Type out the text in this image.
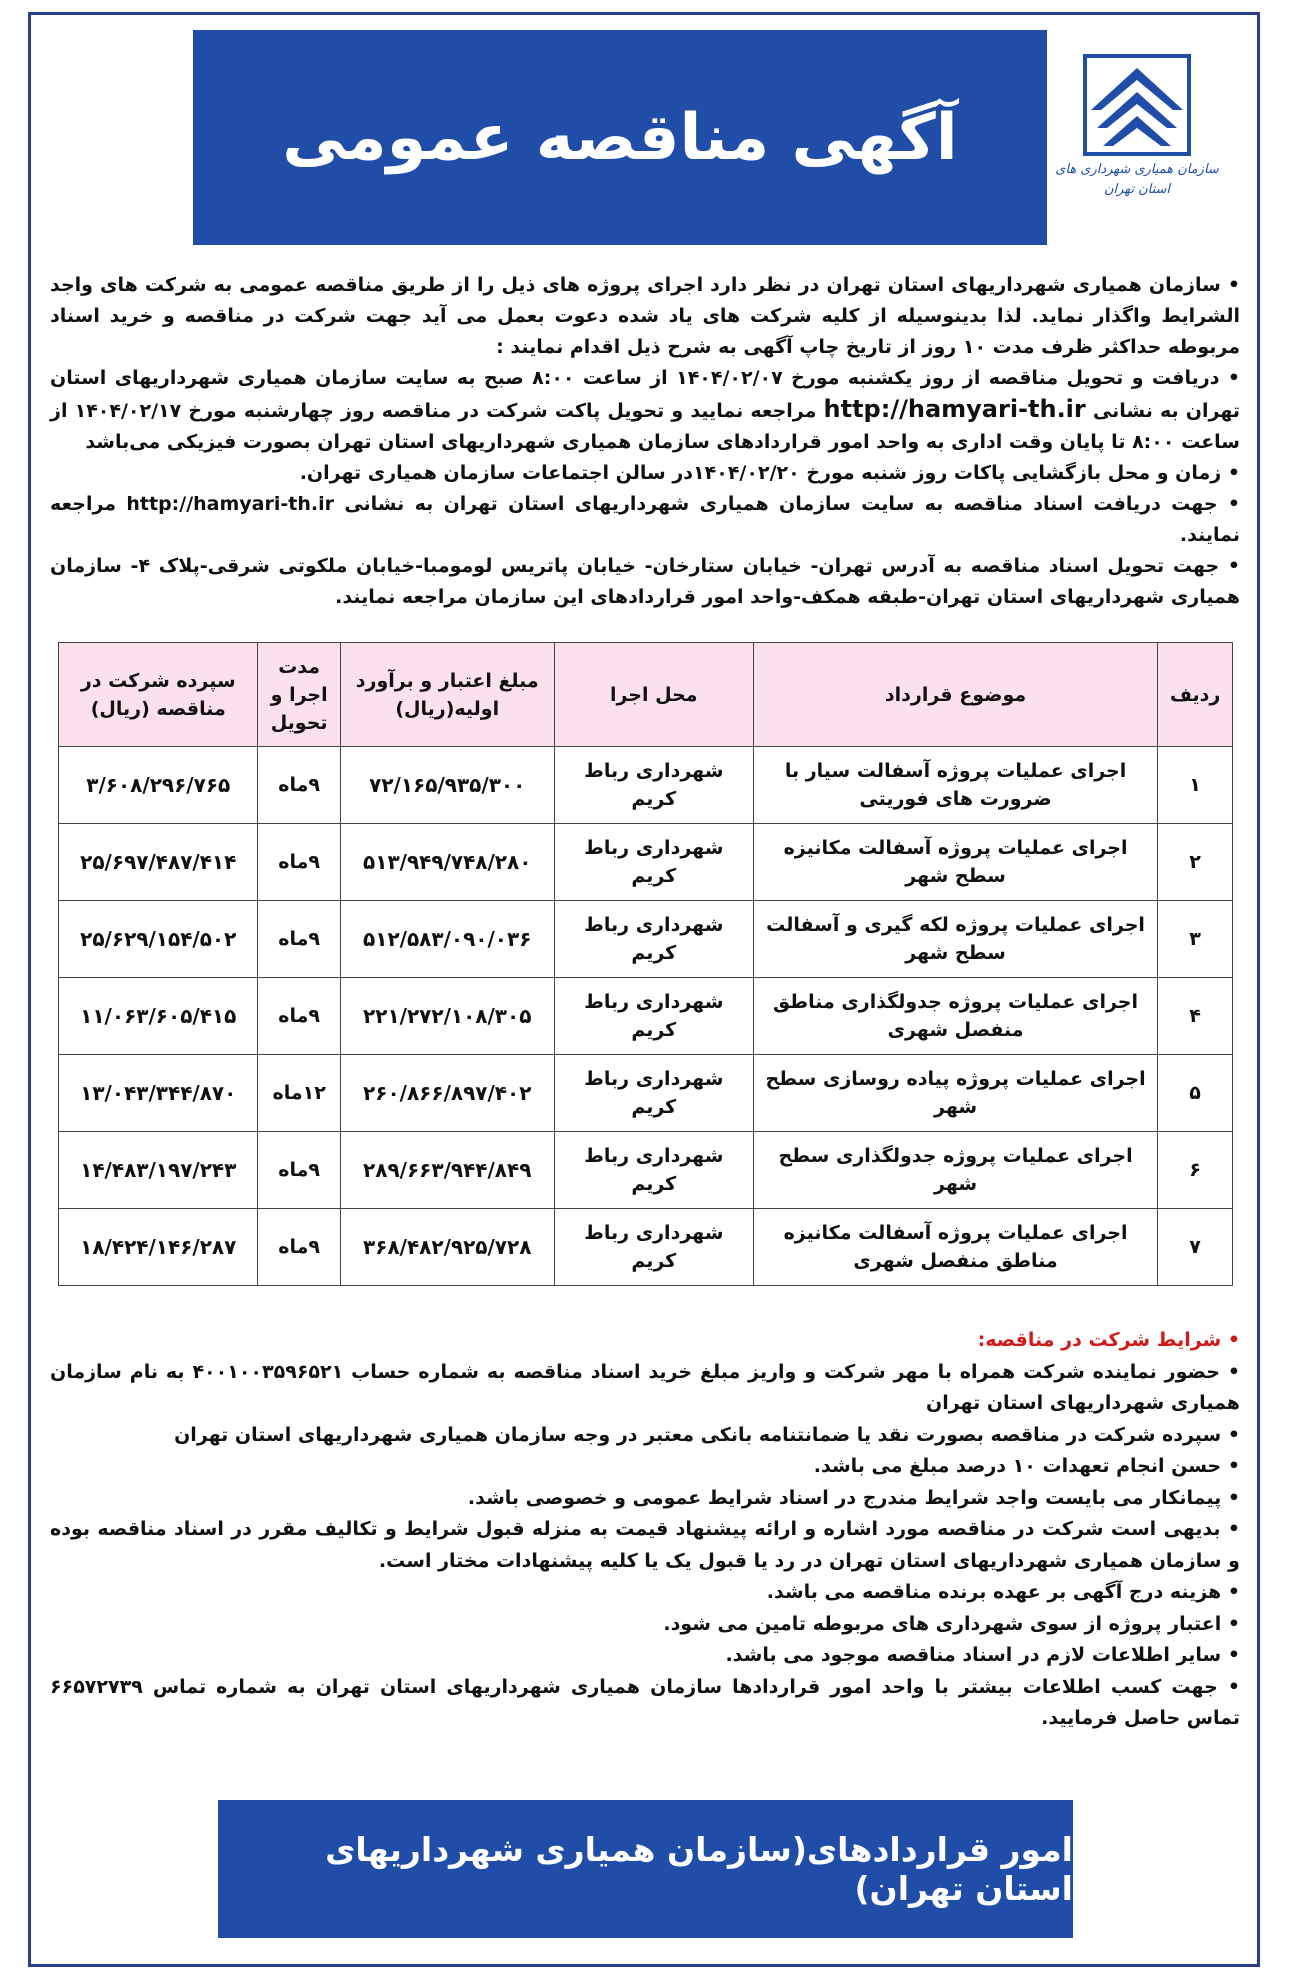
سازمان همیاری شهرداری های
استان تهران
آگهی مناقصه عمومی

• سازمان همیاری شهرداریهای استان تهران در نظر دارد اجرای پروژه های ذیل را از طریق مناقصه عمومی به شرکت های واجد الشرایط واگذار نماید. لذا بدینوسیله از کلیه شرکت های یاد شده دعوت بعمل می آید جهت شرکت در مناقصه و خرید اسناد مربوطه حداکثر ظرف مدت ۱۰ روز از تاریخ چاپ آگهی به شرح ذیل اقدام نمایند :

• دریافت و تحویل مناقصه از روز یکشنبه مورخ ۱۴۰۴/۰۲/۰۷ از ساعت ۸:۰۰ صبح به سایت سازمان همیاری شهرداریهای استان تهران به نشانی http://hamyari-th.ir مراجعه نمایید و تحویل پاکت شرکت در مناقصه روز چهارشنبه مورخ ۱۴۰۴/۰۲/۱۷ از ساعت ۸:۰۰ تا پایان وقت اداری به واحد امور قراردادهای سازمان همیاری شهرداریهای استان تهران بصورت فیزیکی می‌باشد

• زمان و محل بازگشایی پاکات روز شنبه مورخ ۱۴۰۴/۰۲/۲۰در سالن اجتماعات سازمان همیاری تهران.

• جهت دریافت اسناد مناقصه به سایت سازمان همیاری شهرداریهای استان تهران به نشانی http://hamyari-th.ir مراجعه نمایند.

• جهت تحویل اسناد مناقصه به آدرس تهران- خیابان ستارخان- خیابان پاتریس لومومبا-خیابان ملکوتی شرقی-پلاک ۴- سازمان همیاری شهرداریهای استان تهران-طبقه همکف-واحد امور قراردادهای این سازمان مراجعه نمایند.

ردیف	موضوع قرارداد	محل اجرا	مبلغ اعتبار و برآورد اولیه(ریال)	مدت اجرا و تحویل	سپرده شرکت در مناقصه (ریال)
۱	اجرای عملیات پروژه آسفالت سیار با ضرورت های فوریتی	شهرداری رباط کریم	۷۲/۱۶۵/۹۳۵/۳۰۰	۹ماه	۳/۶۰۸/۲۹۶/۷۶۵
۲	اجرای عملیات پروژه آسفالت مکانیزه سطح شهر	شهرداری رباط کریم	۵۱۳/۹۴۹/۷۴۸/۲۸۰	۹ماه	۲۵/۶۹۷/۴۸۷/۴۱۴
۳	اجرای عملیات پروژه لکه گیری و آسفالت سطح شهر	شهرداری رباط کریم	۵۱۲/۵۸۳/۰۹۰/۰۳۶	۹ماه	۲۵/۶۲۹/۱۵۴/۵۰۲
۴	اجرای عملیات پروژه جدولگذاری مناطق منفصل شهری	شهرداری رباط کریم	۲۲۱/۲۷۲/۱۰۸/۳۰۵	۹ماه	۱۱/۰۶۳/۶۰۵/۴۱۵
۵	اجرای عملیات پروژه پیاده روسازی سطح شهر	شهرداری رباط کریم	۲۶۰/۸۶۶/۸۹۷/۴۰۲	۱۲ماه	۱۳/۰۴۳/۳۴۴/۸۷۰
۶	اجرای عملیات پروژه جدولگذاری سطح شهر	شهرداری رباط کریم	۲۸۹/۶۶۳/۹۴۴/۸۴۹	۹ماه	۱۴/۴۸۳/۱۹۷/۲۴۳
۷	اجرای عملیات پروژه آسفالت مکانیزه مناطق منفصل شهری	شهرداری رباط کریم	۳۶۸/۴۸۲/۹۲۵/۷۲۸	۹ماه	۱۸/۴۲۴/۱۴۶/۲۸۷

• شرایط شرکت در مناقصه:

• حضور نماینده شرکت همراه با مهر شرکت و واریز مبلغ خرید اسناد مناقصه به شماره حساب ۴۰۰۱۰۰۳۵۹۶۵۲۱ به نام سازمان همیاری شهرداریهای استان تهران

• سپرده شرکت در مناقصه بصورت نقد یا ضمانتنامه بانکی معتبر در وجه سازمان همیاری شهرداریهای استان تهران

• حسن انجام تعهدات ۱۰ درصد مبلغ می باشد.

• پیمانکار می بایست واجد شرایط مندرج در اسناد شرایط عمومی و خصوصی باشد.

• بدیهی است شرکت در مناقصه مورد اشاره و ارائه پیشنهاد قیمت به منزله قبول شرایط و تکالیف مقرر در اسناد مناقصه بوده و سازمان همیاری شهرداریهای استان تهران در رد یا قبول یک یا کلیه پیشنهادات مختار است.

• هزینه درج آگهی بر عهده برنده مناقصه می باشد.

• اعتبار پروژه از سوی شهرداری های مربوطه تامین می شود.

• سایر اطلاعات لازم در اسناد مناقصه موجود می باشد.

• جهت کسب اطلاعات بیشتر با واحد امور قراردادها سازمان همیاری شهرداریهای استان تهران به شماره تماس ۶۶۵۷۲۷۳۹ تماس حاصل فرمایید.

امور قراردادهای(سازمان همیاری شهرداریهای استان تهران)
